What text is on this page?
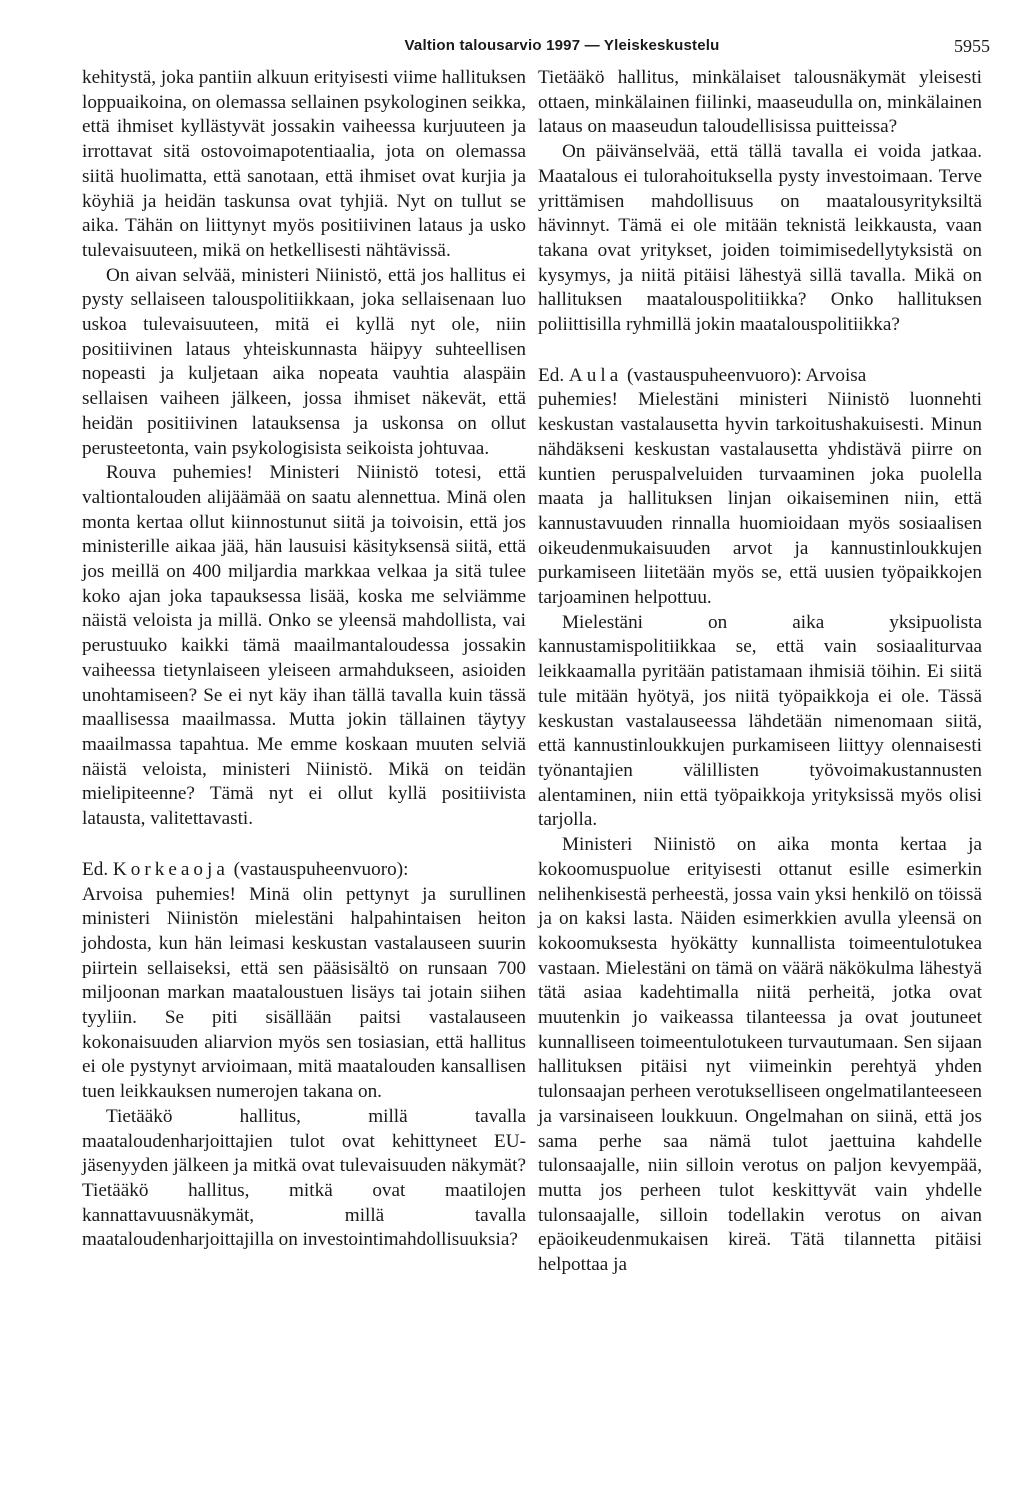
Valtion talousarvio 1997 — Yleiskeskustelu	5955

kehitystä, joka pantiin alkuun erityisesti viime hallituksen loppuaikoina, on olemassa sellainen psykologinen seikka, että ihmiset kyllästyvät jossakin vaiheessa kurjuuteen ja irrottavat sitä ostovoimapotentiaalia, jota on olemassa siitä huolimatta, että sanotaan, että ihmiset ovat kurjia ja köyhiä ja heidän taskunsa ovat tyhjiä. Nyt on tullut se aika. Tähän on liittynyt myös positiivinen lataus ja usko tulevaisuuteen, mikä on hetkellisesti nähtävissä.

On aivan selvää, ministeri Niinistö, että jos hallitus ei pysty sellaiseen talouspolitiikkaan, joka sellaisenaan luo uskoa tulevaisuuteen, mitä ei kyllä nyt ole, niin positiivinen lataus yhteiskunnasta häipyy suhteellisen nopeasti ja kuljetaan aika nopeata vauhtia alaspäin sellaisen vaiheen jälkeen, jossa ihmiset näkevät, että heidän positiivinen latauksensa ja uskonsa on ollut perusteetonta, vain psykologisista seikoista johtuvaa.

Rouva puhemies! Ministeri Niinistö totesi, että valtiontalouden alijäämää on saatu alennettua. Minä olen monta kertaa ollut kiinnostunut siitä ja toivoisin, että jos ministerille aikaa jää, hän lausuisi käsityksensä siitä, että jos meillä on 400 miljardia markkaa velkaa ja sitä tulee koko ajan joka tapauksessa lisää, koska me selviämme näistä veloista ja millä. Onko se yleensä mahdollista, vai perustuuko kaikki tämä maailmantaloudessa jossakin vaiheessa tietynlaiseen yleiseen armahdukseen, asioiden unohtamiseen? Se ei nyt käy ihan tällä tavalla kuin tässä maallisessa maailmassa. Mutta jokin tällainen täytyy maailmassa tapahtua. Me emme koskaan muuten selviä näistä veloista, ministeri Niinistö. Mikä on teidän mielipiteenne? Tämä nyt ei ollut kyllä positiivista latausta, valitettavasti.

Ed. Korkeaoja (vastauspuheenvuoro):

Arvoisa puhemies! Minä olin pettynyt ja surullinen ministeri Niinistön mielestäni halpahintaisen heiton johdosta, kun hän leimasi keskustan vastalauseen suurin piirtein sellaiseksi, että sen pääsisältö on runsaan 700 miljoonan markan maataloustuen lisäys tai jotain siihen tyyliin. Se piti sisällään paitsi vastalauseen kokonaisuuden aliarvion myös sen tosiasian, että hallitus ei ole pystynyt arvioimaan, mitä maatalouden kansallisen tuen leikkauksen numerojen takana on.

Tietääkö hallitus, millä tavalla maataloudenharjoittajien tulot ovat kehittyneet EU-jäsenyyden jälkeen ja mitkä ovat tulevaisuuden näkymät? Tietääkö hallitus, mitkä ovat maatilojen kannattavuusnäkymät, millä tavalla maataloudenharjoittajilla on investointimahdollisuuksia?

Tietääkö hallitus, minkälaiset talousnäkymät yleisesti ottaen, minkälainen fiilinki, maaseudulla on, minkälainen lataus on maaseudun taloudellisissa puitteissa?

On päivänselvää, että tällä tavalla ei voida jatkaa. Maatalous ei tulorahoituksella pysty investoimaan. Terve yrittämisen mahdollisuus on maatalousyrityksiltä hävinnyt. Tämä ei ole mitään teknistä leikkausta, vaan takana ovat yritykset, joiden toimimisedellytyksistä on kysymys, ja niitä pitäisi lähestyä sillä tavalla. Mikä on hallituksen maatalouspolitiikka? Onko hallituksen poliittisilla ryhmillä jokin maatalouspolitiikka?

Ed. Aula (vastauspuheenvuoro): Arvoisa

puhemies! Mielestäni ministeri Niinistö luonnehti keskustan vastalausetta hyvin tarkoitushakuisesti. Minun nähdäkseni keskustan vastalausetta yhdistävä piirre on kuntien peruspalveluiden turvaaminen joka puolella maata ja hallituksen linjan oikaiseminen niin, että kannustavuuden rinnalla huomioidaan myös sosiaalisen oikeudenmukaisuuden arvot ja kannustinloukkujen purkamiseen liitetään myös se, että uusien työpaikkojen tarjoaminen helpottuu.

Mielestäni on aika yksipuolista kannustamispolitiikkaa se, että vain sosiaaliturvaa leikkaamalla pyritään patistamaan ihmisiä töihin. Ei siitä tule mitään hyötyä, jos niitä työpaikkoja ei ole. Tässä keskustan vastalauseessa lähdetään nimenomaan siitä, että kannustinloukkujen purkamiseen liittyy olennaisesti työnantajien välillisten työvoimakustannusten alentaminen, niin että työpaikkoja yrityksissä myös olisi tarjolla.

Ministeri Niinistö on aika monta kertaa ja kokoomuspuolue erityisesti ottanut esille esimerkin nelihenkisestä perheestä, jossa vain yksi henkilö on töissä ja on kaksi lasta. Näiden esimerkkien avulla yleensä on kokoomuksesta hyökätty kunnallista toimeentulotukea vastaan. Mielestäni on tämä on väärä näkökulma lähestyä tätä asiaa kadehtimalla niitä perheitä, jotka ovat muutenkin jo vaikeassa tilanteessa ja ovat joutuneet kunnalliseen toimeentulotukeen turvautumaan. Sen sijaan hallituksen pitäisi nyt viimeinkin perehtyä yhden tulonsaajan perheen verotukselliseen ongelmatilanteeseen ja varsinaiseen loukkuun. Ongelmahan on siinä, että jos sama perhe saa nämä tulot jaettuina kahdelle tulonsaajalle, niin silloin verotus on paljon kevyempää, mutta jos perheen tulot keskittyvät vain yhdelle tulonsaajalle, silloin todellakin verotus on aivan epäoikeudenmukaisen kireä. Tätä tilannetta pitäisi helpottaa ja
